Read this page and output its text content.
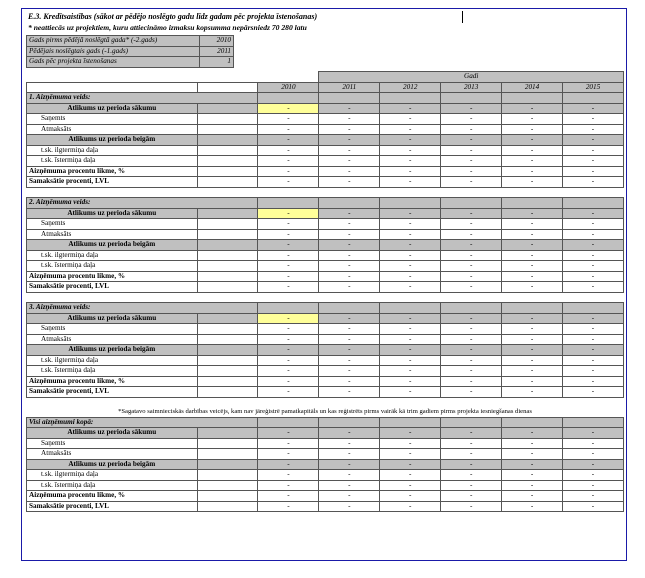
E.3. Kredītsaistības (sākot ar pēdējo noslēgto gadu līdz gadam pēc projekta īstenošanas)
* neattiecās uz projektiem, kuru attiecināmo izmaksu kopsumma nepārsniedz 70 280 latu
Gads pirms pēdējā noslēgtā gada* (-2.gads)	2010
Pēdējais noslēgtais gads (-1.gads)	2011
Gads pēc projekta īstenošanas	1
			Gadi				
		2010	2011	2012	2013	2014	2015
1. Aizņēmuma veids:							
Atlikums uz perioda sākumu		-	-	-	-	-	-
Saņemts		-	-	-	-	-	-
Atmaksāts		-	-	-	-	-	-
Atlikums uz perioda beigām		-	-	-	-	-	-
t.sk. ilgtermiņa daļa		-	-	-	-	-	-
t.sk. īstermiņa daļa		-	-	-	-	-	-
Aizņēmuma procentu likme, %		-	-	-	-	-	-
Samaksātie procenti, LVL		-	-	-	-	-	-

2. Aizņēmuma veids:							
Atlikums uz perioda sākumu		-	-	-	-	-	-
Saņemts		-	-	-	-	-	-
Atmaksāts		-	-	-	-	-	-
Atlikums uz perioda beigām		-	-	-	-	-	-
t.sk. ilgtermiņa daļa		-	-	-	-	-	-
t.sk. īstermiņa daļa		-	-	-	-	-	-
Aizņēmuma procentu likme, %		-	-	-	-	-	-
Samaksātie procenti, LVL		-	-	-	-	-	-

3. Aizņēmuma veids:							
Atlikums uz perioda sākumu		-	-	-	-	-	-
Saņemts		-	-	-	-	-	-
Atmaksāts		-	-	-	-	-	-
Atlikums uz perioda beigām		-	-	-	-	-	-
t.sk. ilgtermiņa daļa		-	-	-	-	-	-
t.sk. īstermiņa daļa		-	-	-	-	-	-
Aizņēmuma procentu likme, %		-	-	-	-	-	-
Samaksātie procenti, LVL		-	-	-	-	-	-

*Sagatavo saimnieciskās darbības veicējs, kam nav jāreģistrē pamatkapitāls un kas reģistrēts pirms vairāk kā trim gadiem pirms projekta iesniegšanas dienas							
Visi aizņēmumi kopā:							
Atlikums uz perioda sākumu		-	-	-	-	-	-
Saņemts		-	-	-	-	-	-
Atmaksāts		-	-	-	-	-	-
Atlikums uz perioda beigām		-	-	-	-	-	-
t.sk. ilgtermiņa daļa		-	-	-	-	-	-
t.sk. īstermiņa daļa		-	-	-	-	-	-
Aizņēmuma procentu likme, %		-	-	-	-	-	-
Samaksātie procenti, LVL		-	-	-	-	-	-
